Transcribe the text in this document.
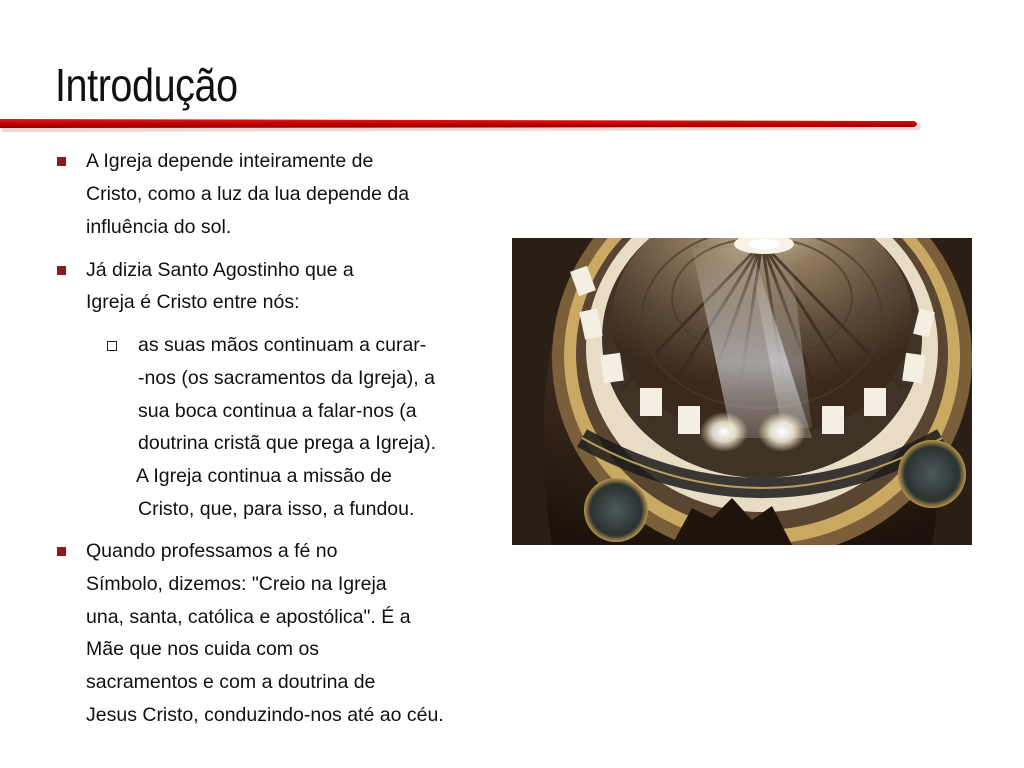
Introdução
A Igreja depende inteiramente de
Cristo, como a luz da lua depende da
influência do sol.
Já dizia Santo Agostinho que a
Igreja é Cristo entre nós:
as suas mãos continuam a curar-
-nos (os sacramentos da Igreja), a
sua boca continua a falar-nos (a
doutrina cristã que prega a Igreja).
A Igreja continua a missão de
Cristo, que, para isso, a fundou.
Quando professamos a fé no
Símbolo, dizemos: "Creio na Igreja
una, santa, católica e apostólica". É a
Mãe que nos cuida com os
sacramentos e com a doutrina de
Jesus Cristo, conduzindo-nos até ao céu.
